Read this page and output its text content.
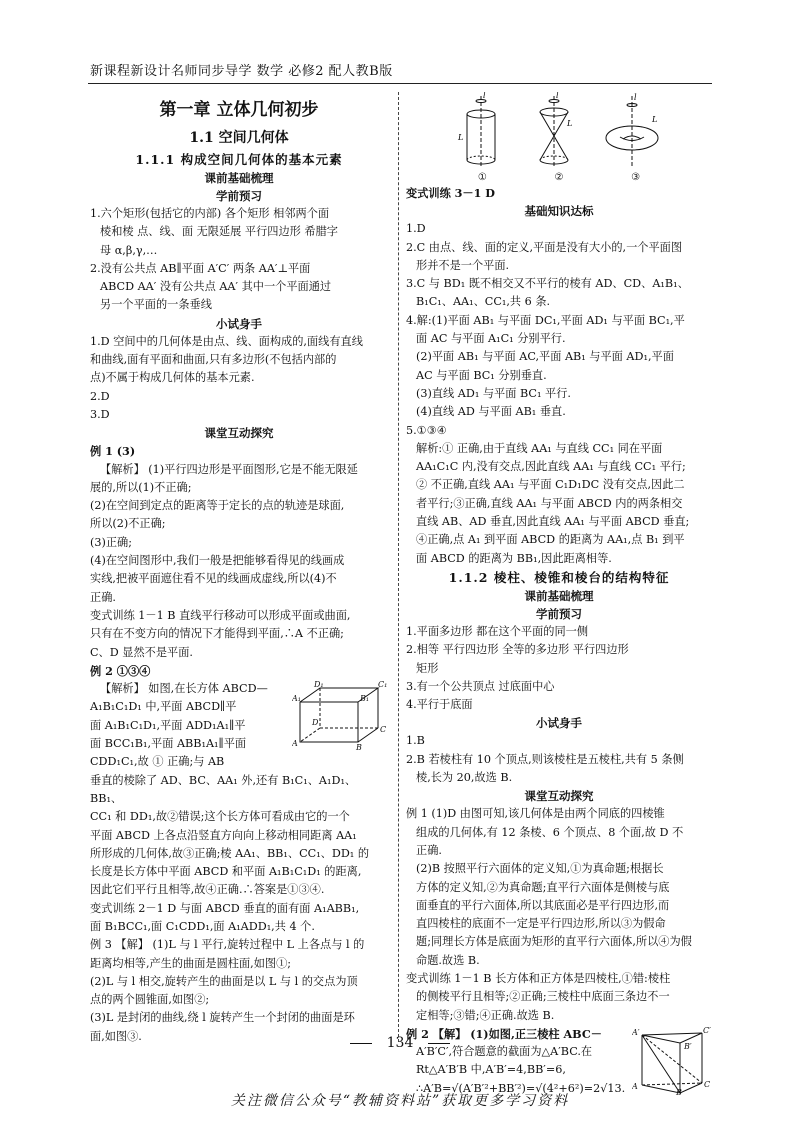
新课程新设计名师同步导学 数学 必修2 配人教B版
第一章 立体几何初步
1.1 空间几何体
1.1.1 构成空间几何体的基本元素
课前基础梳理
学前预习

1.六个矩形(包括它的内部) 各个矩形 相邻两个面

棱和棱 点、线、面 无限延展 平行四边形 希腊字

母 α,β,γ,…

2.没有公共点 AB∥平面 A′C′ 两条 AA′⊥平面

ABCD AA′ 没有公共点 AA′ 其中一个平面通过

另一个平面的一条垂线

小试身手

1.D 空间中的几何体是由点、线、面构成的,面线有直线

和曲线,面有平面和曲面,只有多边形(不包括内部的

点)不属于构成几何体的基本元素.

2.D

3.D

课堂互动探究

例 1 (3)

【解析】 (1)平行四边形是平面图形,它是不能无限延

展的,所以(1)不正确;

(2)在空间到定点的距离等于定长的点的轨迹是球面,

所以(2)不正确;

(3)正确;

(4)在空间图形中,我们一般是把能够看得见的线画成

实线,把被平面遮住看不见的线画成虚线,所以(4)不

正确.

变式训练 1－1 B 直线平行移动可以形成平面或曲面,

只有在不变方向的情况下才能得到平面,∴A 不正确;

C、D 显然不是平面.

例 2 ①③④

D
C
A	B
D₁	C₁
A₁	B₁

【解析】 如图,在长方体 ABCD—

A₁B₁C₁D₁ 中,平面 ABCD∥平

面 A₁B₁C₁D₁,平面 ADD₁A₁∥平

面 BCC₁B₁,平面 ABB₁A₁∥平面

CDD₁C₁,故 ① 正确;与 AB

垂直的棱除了 AD、BC、AA₁ 外,还有 B₁C₁、A₁D₁、BB₁、

CC₁ 和 DD₁,故②错误;这个长方体可看成由它的一个

平面 ABCD 上各点沿竖直方向向上移动相同距离 AA₁

所形成的几何体,故③正确;棱 AA₁、BB₁、CC₁、DD₁ 的

长度是长方体中平面 ABCD 和平面 A₁B₁C₁D₁ 的距离,

因此它们平行且相等,故④正确.∴答案是①③④.

变式训练 2－1 D 与面 ABCD 垂直的面有面 A₁ABB₁,

面 B₁BCC₁,面 C₁CDD₁,面 A₁ADD₁,共 4 个.

例 3 【解】 (1)L 与 l 平行,旋转过程中 L 上各点与 l 的

距离均相等,产生的曲面是圆柱面,如图①;

(2)L 与 l 相交,旋转产生的曲面是以 L 与 l 的交点为顶

点的两个圆锥面,如图②;

(3)L 是封闭的曲线,绕 l 旋转产生一个封闭的曲面是环

面,如图③.

l
L
l
L
l
L
①	②	③

变式训练 3－1 D

基础知识达标

1.D

2.C 由点、线、面的定义,平面是没有大小的,一个平面图

形并不是一个平面.

3.C 与 BD₁ 既不相交又不平行的棱有 AD、CD、A₁B₁、

B₁C₁、AA₁、CC₁,共 6 条.

4.解:(1)平面 AB₁ 与平面 DC₁,平面 AD₁ 与平面 BC₁,平

面 AC 与平面 A₁C₁ 分别平行.

(2)平面 AB₁ 与平面 AC,平面 AB₁ 与平面 AD₁,平面

AC 与平面 BC₁ 分别垂直.

(3)直线 AD₁ 与平面 BC₁ 平行.

(4)直线 AD 与平面 AB₁ 垂直.

5.①③④

解析:① 正确,由于直线 AA₁ 与直线 CC₁ 同在平面

AA₁C₁C 内,没有交点,因此直线 AA₁ 与直线 CC₁ 平行;

② 不正确,直线 AA₁ 与平面 C₁D₁DC 没有交点,因此二

者平行;③正确,直线 AA₁ 与平面 ABCD 内的两条相交

直线 AB、AD 垂直,因此直线 AA₁ 与平面 ABCD 垂直;

④正确,点 A₁ 到平面 ABCD 的距离为 AA₁,点 B₁ 到平

面 ABCD 的距离为 BB₁,因此距离相等.

1.1.2 棱柱、棱锥和棱台的结构特征
课前基础梳理
学前预习

1.平面多边形 都在这个平面的同一侧

2.相等 平行四边形 全等的多边形 平行四边形

矩形

3.有一个公共顶点 过底面中心

4.平行于底面

小试身手

1.B

2.B 若棱柱有 10 个顶点,则该棱柱是五棱柱,共有 5 条侧

棱,长为 20,故选 B.

课堂互动探究

例 1 (1)D 由图可知,该几何体是由两个同底的四棱锥

组成的几何体,有 12 条棱、6 个顶点、8 个面,故 D 不

正确.

(2)B 按照平行六面体的定义知,①为真命题;根据长

方体的定义知,②为真命题;直平行六面体是侧棱与底

面垂直的平行六面体,所以其底面必是平行四边形,而

直四棱柱的底面不一定是平行四边形,所以③为假命

题;同理长方体是底面为矩形的直平行六面体,所以④为假

命题.故选 B.

变式训练 1－1 B 长方体和正方体是四棱柱,①错:棱柱

的侧棱平行且相等;②正确;三棱柱中底面三条边不一

定相等;③错;④正确.故选 B.

A′	C′
B′
A	C
B

例 2 【解】 (1)如图,正三棱柱 ABC－

A′B′C′,符合题意的截面为△A′BC.在

Rt△A′B′B 中,A′B′=4,BB′=6,

∴A′B=√(A′B′²+BB′²)=√(4²+6²)=2√13.

134
关注微信公众号“教辅资料站”获取更多学习资料
